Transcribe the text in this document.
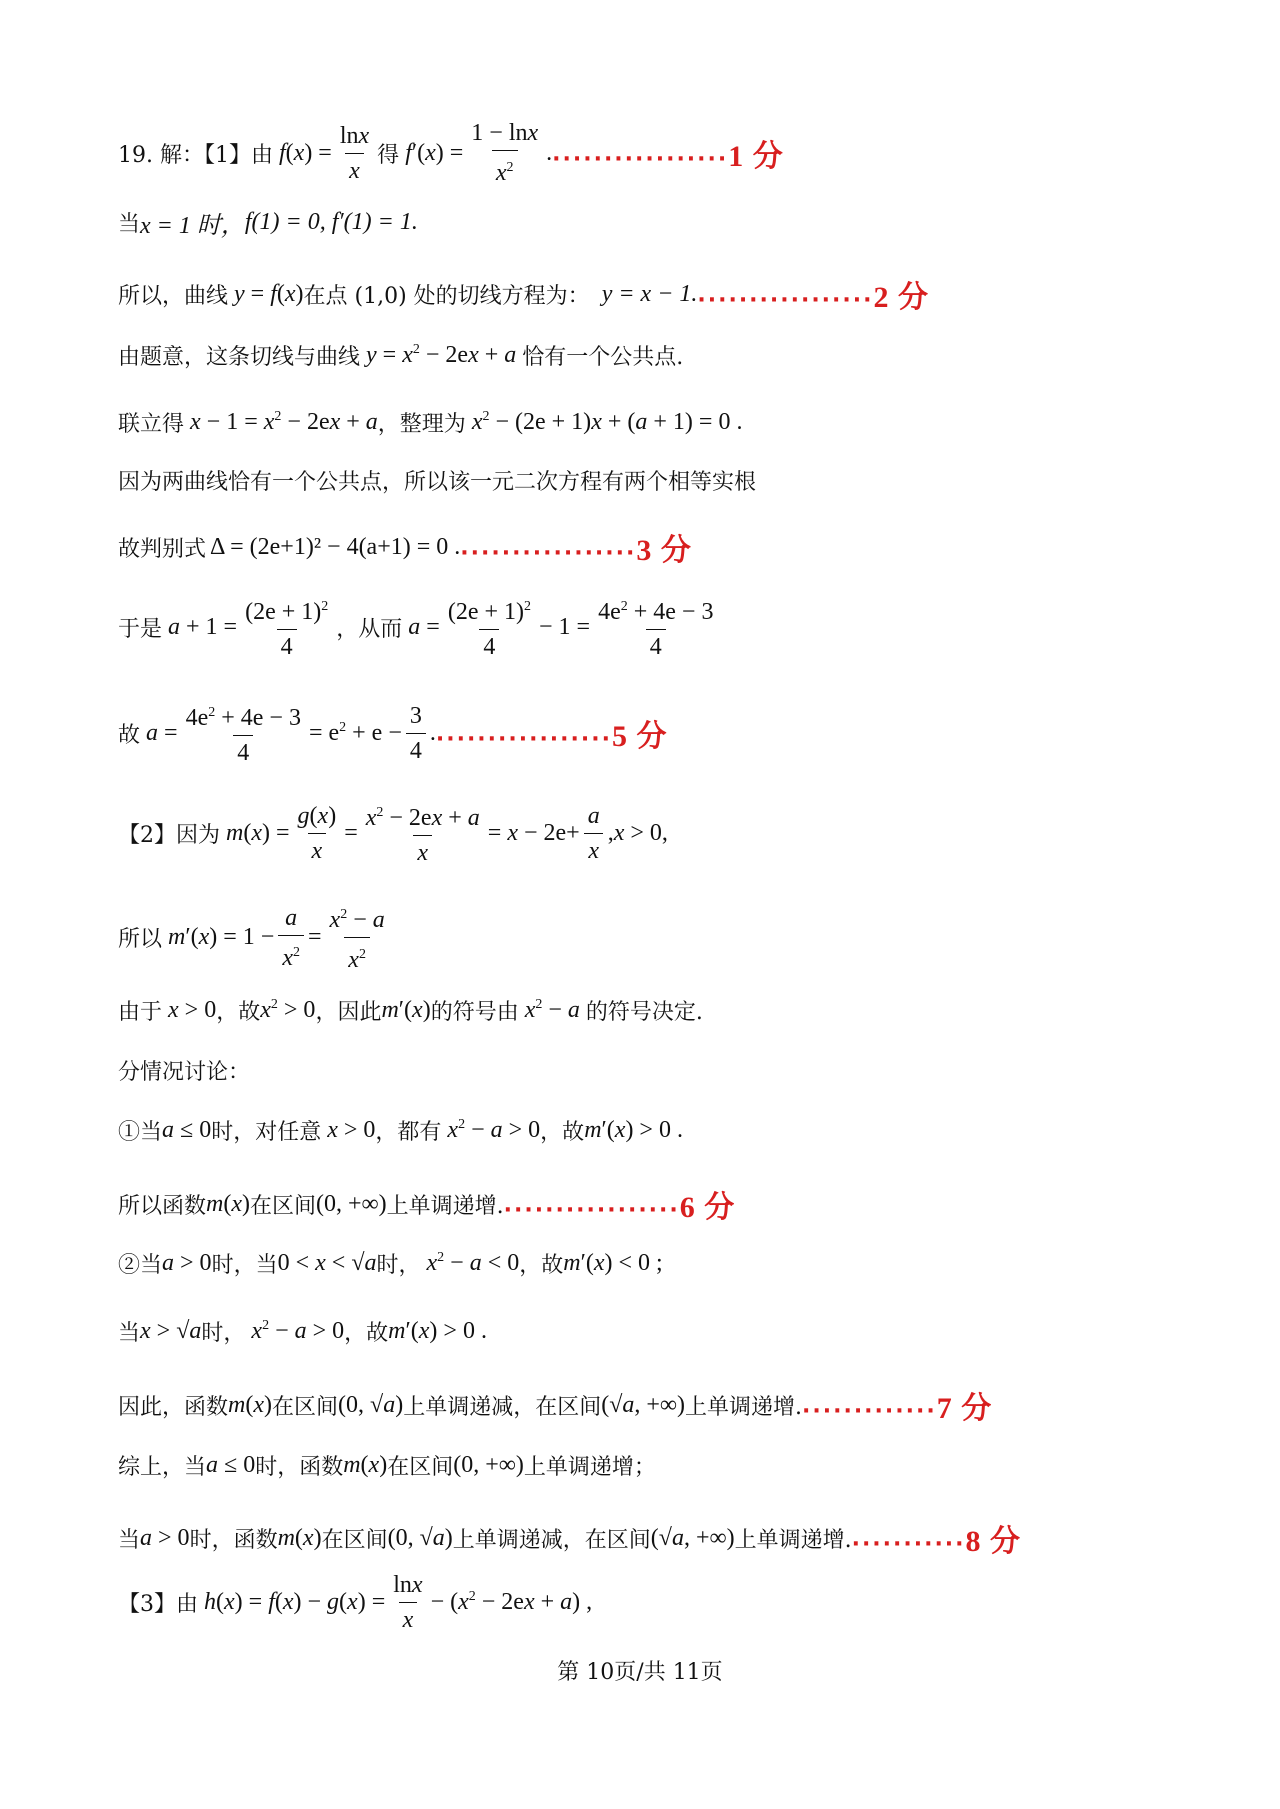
19. 解：【1】由 $f(x) = \frac{\ln x}{x}$ 得 $f'(x) = \frac{1 - \ln x}{x^2}$ . ·················1 分
当 x = 1 时， f(1) = 0, f′(1) = 1.
所以，曲线 y = f(x) 在点 (1,0) 处的切线方程为： y = x − 1. ·················2 分
由题意，这条切线与曲线 $y = x^2 - 2ex + a$ 恰有一个公共点.
联立得 $x - 1 = x^2 - 2ex + a$ ，整理为 $x^2 - (2e + 1)x + (a + 1) = 0$ .
因为两曲线恰有一个公共点，所以该一元二次方程有两个相等实根
故判别式 Δ = (2e+1)² − 4(a+1) = 0 . ·················3 分
于是 $a + 1 = \frac{(2e + 1)^2}{4}$ ，从而 $a = \frac{(2e + 1)^2}{4} - 1 = \frac{4e^2 + 4e - 3}{4}$
故 $a = \frac{4e^2 + 4e - 3}{4} = e^2 + e - \frac{3}{4}$ . ·················5 分
【2】因为 $m(x) = \frac{g(x)}{x} = \frac{x^2 - 2ex + a}{x} = x - 2e+ \frac{a}{x} ,x > 0$,
所以 $m'(x) = 1 - \frac{a}{x^2} = \frac{x^2 - a}{x^2}$
由于 x > 0 ，故 $x^2 > 0$ ，因此 m′(x) 的符号由 $x^2 - a$ 的符号决定.
分情况讨论：
①当 a ≤ 0 时，对任意 x > 0 ，都有 $x^2 - a > 0$ ，故 m′(x) > 0 .
所以函数 m(x) 在区间 (0, +∞) 上单调递增. ·················6 分
②当 a > 0 时，当 0 < x < √a 时， $x^2 - a < 0$ ，故 m′(x) < 0 ;
当 x > √a 时， $x^2 - a > 0$ ，故 m′(x) > 0 .
因此，函数 m(x) 在区间 (0, √a) 上单调递减，在区间 (√a, +∞) 上单调递增. ·············7 分
综上，当 a ≤ 0 时，函数 m(x) 在区间 (0, +∞) 上单调递增；
当 a > 0 时，函数 m(x) 在区间 (0, √a) 上单调递减，在区间 (√a, +∞) 上单调递增. ···········8 分
【3】由 $h(x) = f(x) - g(x) = \frac{\ln x}{x} - (x^2 - 2ex + a)$ ,
第 10页/共 11页
